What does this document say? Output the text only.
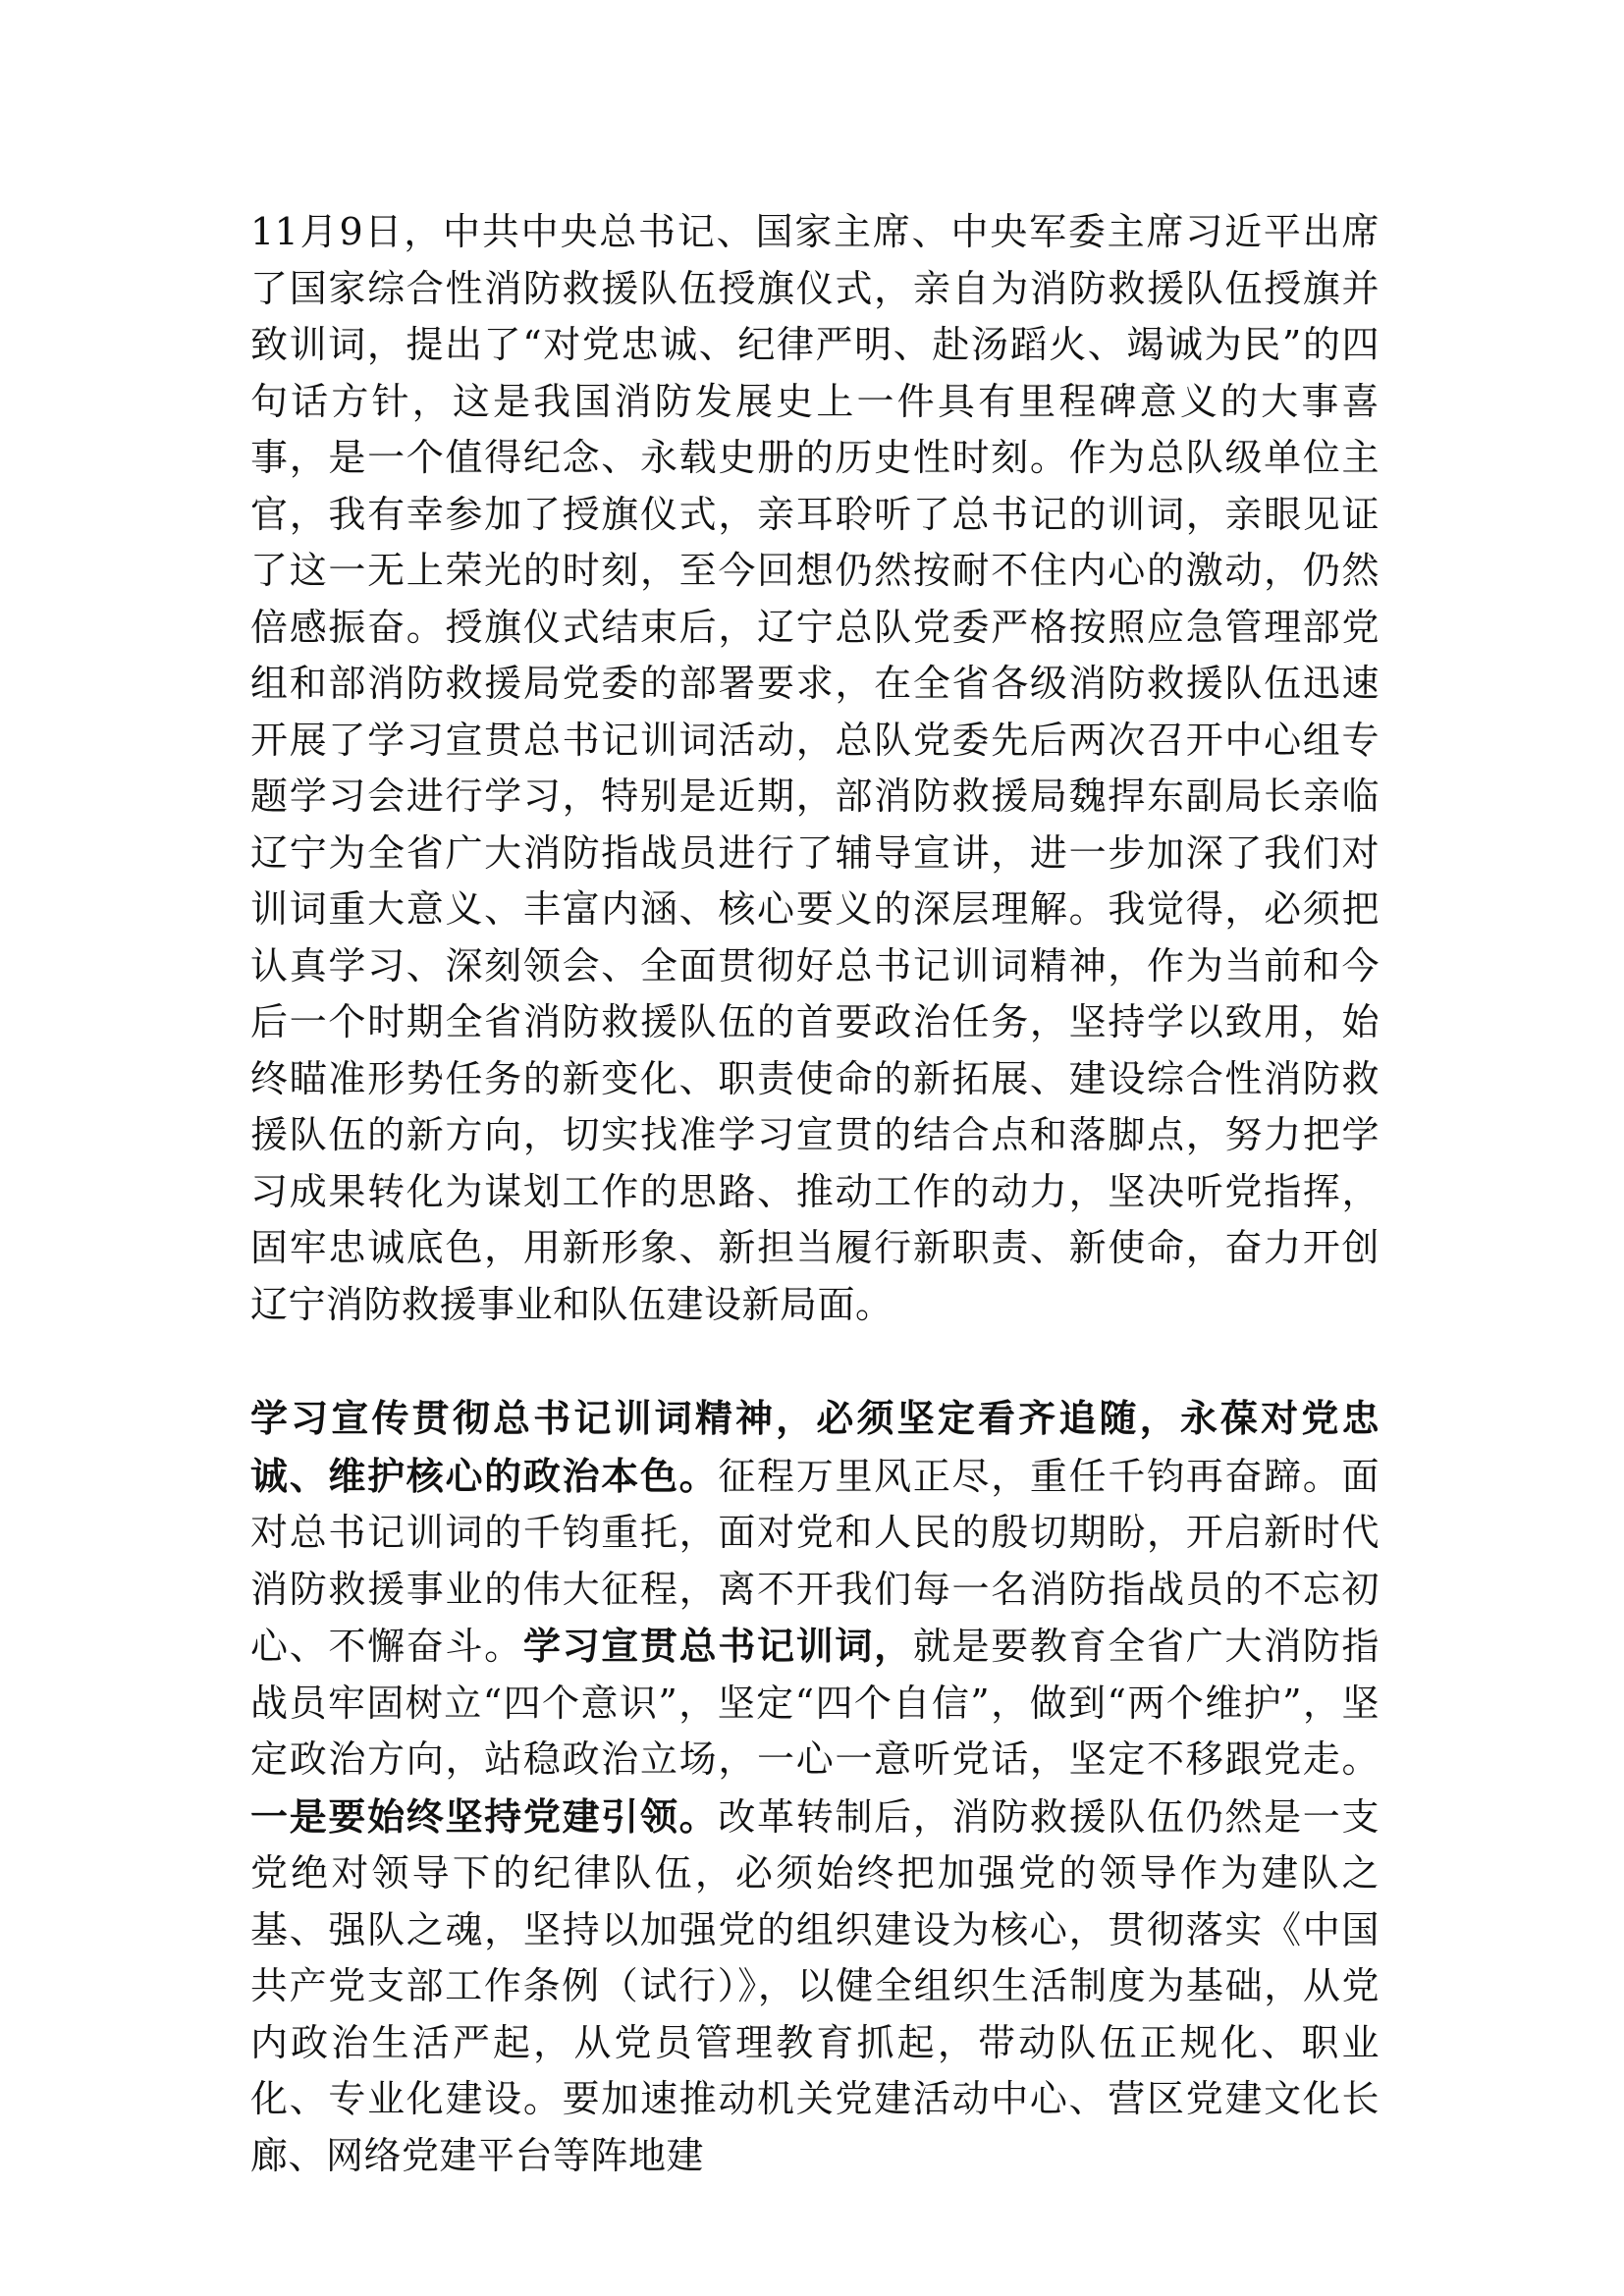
11月9日，中共中央总书记、国家主席、中央军委主席习近平出席了国家综合性消防救援队伍授旗仪式，亲自为消防救援队伍授旗并致训词，提出了“对党忠诚、纪律严明、赴汤蹈火、竭诚为民”的四句话方针，这是我国消防发展史上一件具有里程碑意义的大事喜事，是一个值得纪念、永载史册的历史性时刻。作为总队级单位主官，我有幸参加了授旗仪式，亲耳聆听了总书记的训词，亲眼见证了这一无上荣光的时刻，至今回想仍然按耐不住内心的激动，仍然倍感振奋。授旗仪式结束后，辽宁总队党委严格按照应急管理部党组和部消防救援局党委的部署要求，在全省各级消防救援队伍迅速开展了学习宣贯总书记训词活动，总队党委先后两次召开中心组专题学习会进行学习，特别是近期，部消防救援局魏捍东副局长亲临辽宁为全省广大消防指战员进行了辅导宣讲，进一步加深了我们对训词重大意义、丰富内涵、核心要义的深层理解。我觉得，必须把认真学习、深刻领会、全面贯彻好总书记训词精神，作为当前和今后一个时期全省消防救援队伍的首要政治任务，坚持学以致用，始终瞄准形势任务的新变化、职责使命的新拓展、建设综合性消防救援队伍的新方向，切实找准学习宣贯的结合点和落脚点，努力把学习成果转化为谋划工作的思路、推动工作的动力，坚决听党指挥，固牢忠诚底色，用新形象、新担当履行新职责、新使命，奋力开创辽宁消防救援事业和队伍建设新局面。

学习宣传贯彻总书记训词精神，必须坚定看齐追随，永葆对党忠诚、维护核心的政治本色。征程万里风正尽，重任千钧再奋蹄。面对总书记训词的千钧重托，面对党和人民的殷切期盼，开启新时代消防救援事业的伟大征程，离不开我们每一名消防指战员的不忘初心、不懈奋斗。学习宣贯总书记训词，就是要教育全省广大消防指战员牢固树立“四个意识”，坚定“四个自信”，做到“两个维护”，坚定政治方向，站稳政治立场，一心一意听党话，坚定不移跟党走。一是要始终坚持党建引领。改革转制后，消防救援队伍仍然是一支党绝对领导下的纪律队伍，必须始终把加强党的领导作为建队之基、强队之魂，坚持以加强党的组织建设为核心，贯彻落实《中国共产党支部工作条例（试行）》，以健全组织生活制度为基础，从党内政治生活严起，从党员管理教育抓起，带动队伍正规化、职业化、专业化建设。要加速推动机关党建活动中心、营区党建文化长廊、网络党建平台等阵地建
